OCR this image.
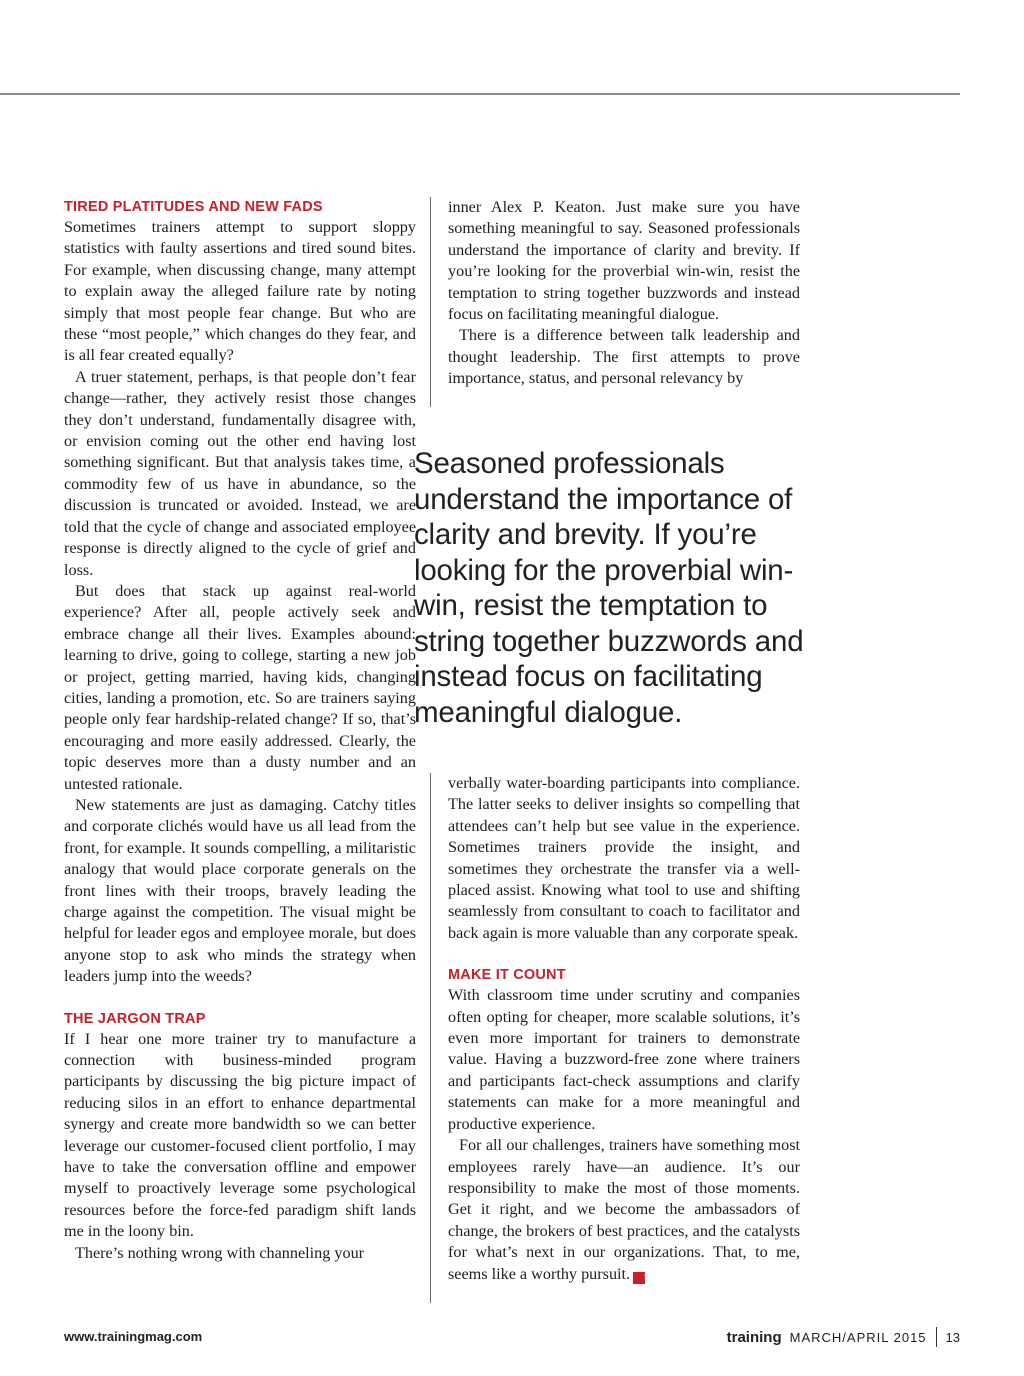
TIRED PLATITUDES AND NEW FADS

Sometimes trainers attempt to support sloppy statistics with faulty assertions and tired sound bites. For example, when discussing change, many attempt to explain away the alleged failure rate by noting simply that most people fear change. But who are these “most people,” which changes do they fear, and is all fear created equally?

A truer statement, perhaps, is that people don’t fear change—rather, they actively resist those changes they don’t understand, fundamentally disagree with, or envision coming out the other end having lost something significant. But that analysis takes time, a commodity few of us have in abundance, so the discussion is truncated or avoided. Instead, we are told that the cycle of change and associated employee response is directly aligned to the cycle of grief and loss.

But does that stack up against real-world experience? After all, people actively seek and embrace change all their lives. Examples abound: learning to drive, going to college, starting a new job or project, getting married, having kids, changing cities, landing a promotion, etc. So are trainers saying people only fear hardship-related change? If so, that’s encouraging and more easily addressed. Clearly, the topic deserves more than a dusty number and an untested rationale.

New statements are just as damaging. Catchy titles and corporate clichés would have us all lead from the front, for example. It sounds compelling, a militaristic analogy that would place corporate generals on the front lines with their troops, bravely leading the charge against the competition. The visual might be helpful for leader egos and employee morale, but does anyone stop to ask who minds the strategy when leaders jump into the weeds?

THE JARGON TRAP

If I hear one more trainer try to manufacture a connection with business-minded program participants by discussing the big picture impact of reducing silos in an effort to enhance departmental synergy and create more bandwidth so we can better leverage our customer-focused client portfolio, I may have to take the conversation offline and empower myself to proactively leverage some psychological resources before the force-fed paradigm shift lands me in the loony bin.

There’s nothing wrong with channeling your

inner Alex P. Keaton. Just make sure you have something meaningful to say. Seasoned professionals understand the importance of clarity and brevity. If you’re looking for the proverbial win-win, resist the temptation to string together buzzwords and instead focus on facilitating meaningful dialogue.

There is a difference between talk leadership and thought leadership. The first attempts to prove importance, status, and personal relevancy by

Seasoned professionals understand the importance of clarity and brevity. If you’re looking for the proverbial win-win, resist the temptation to string together buzzwords and instead focus on facilitating meaningful dialogue.

verbally water-boarding participants into compliance. The latter seeks to deliver insights so compelling that attendees can’t help but see value in the experience. Sometimes trainers provide the insight, and sometimes they orchestrate the transfer via a well-placed assist. Knowing what tool to use and shifting seamlessly from consultant to coach to facilitator and back again is more valuable than any corporate speak.

MAKE IT COUNT

With classroom time under scrutiny and companies often opting for cheaper, more scalable solutions, it’s even more important for trainers to demonstrate value. Having a buzzword-free zone where trainers and participants fact-check assumptions and clarify statements can make for a more meaningful and productive experience.

For all our challenges, trainers have something most employees rarely have—an audience. It’s our responsibility to make the most of those moments. Get it right, and we become the ambassadors of change, the brokers of best practices, and the catalysts for what’s next in our organizations. That, to me, seems like a worthy pursuit. t

www.trainingmag.com	training MARCH/APRIL 2015 13
